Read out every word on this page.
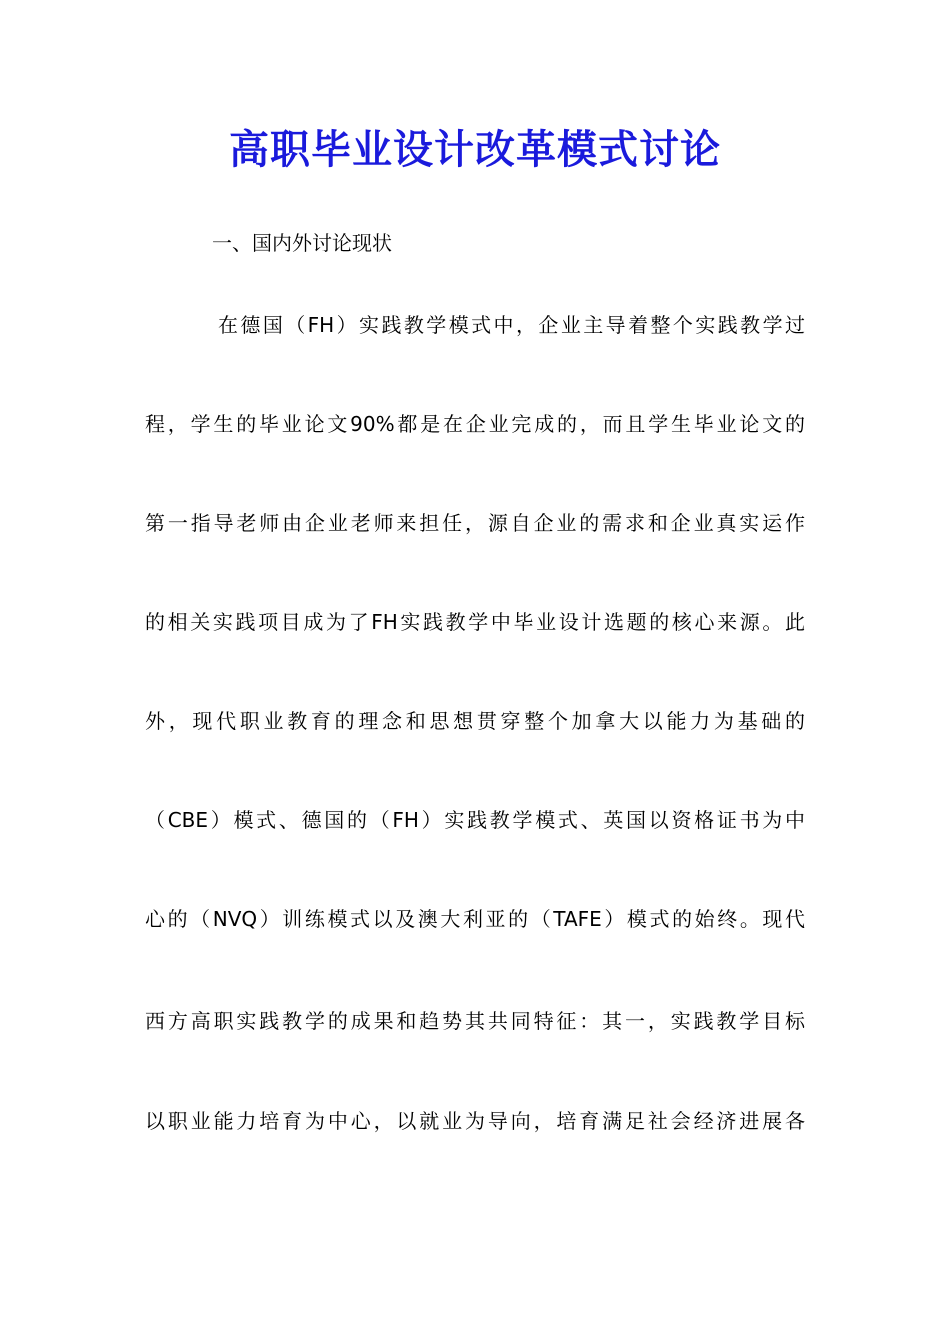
高职毕业设计改革模式讨论
一、国内外讨论现状
在德国（FH）实践教学模式中，企业主导着整个实践教学过
程，学生的毕业论文90%都是在企业完成的，而且学生毕业论文的
第一指导老师由企业老师来担任，源自企业的需求和企业真实运作
的相关实践项目成为了FH实践教学中毕业设计选题的核心来源。此
外，现代职业教育的理念和思想贯穿整个加拿大以能力为基础的
（CBE）模式、德国的（FH）实践教学模式、英国以资格证书为中
心的（NVQ）训练模式以及澳大利亚的（TAFE）模式的始终。现代
西方高职实践教学的成果和趋势其共同特征：其一，实践教学目标
以职业能力培育为中心，以就业为导向，培育满足社会经济进展各
